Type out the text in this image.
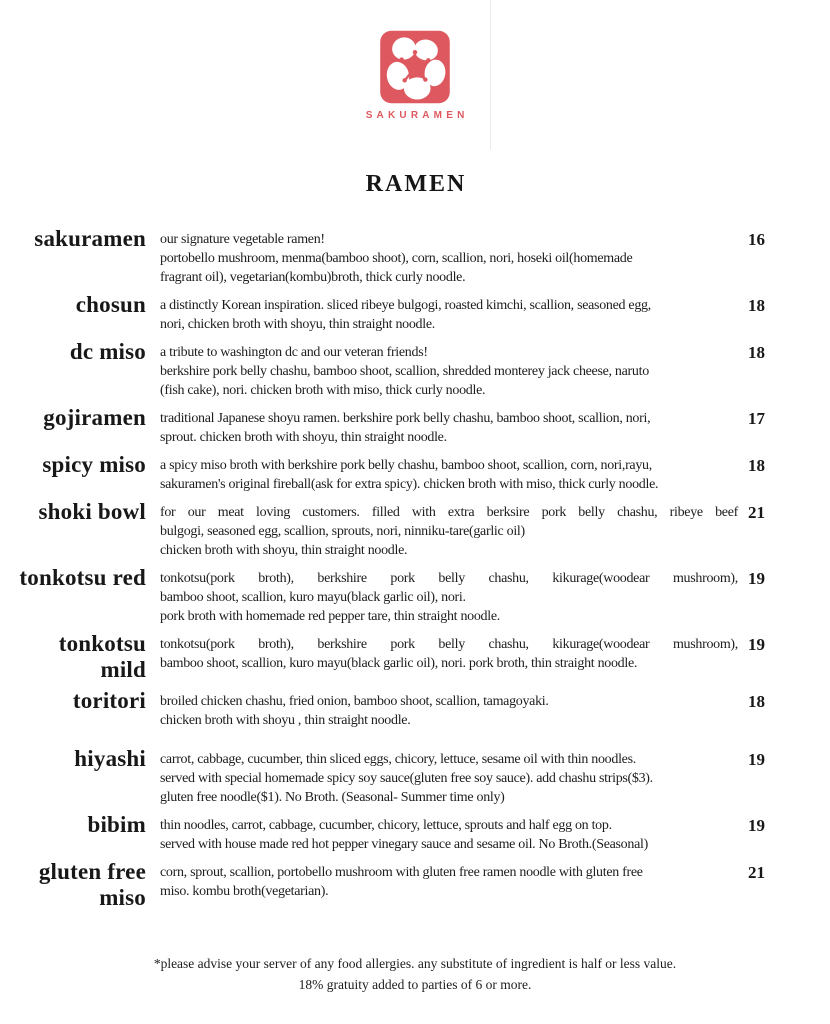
SAKURAMEN
RAMEN
sakuramen our signature vegetable ramen!
portobello mushroom, menma(bamboo shoot), corn, scallion, nori, hoseki oil(homemade
fragrant oil), vegetarian(kombu)broth, thick curly noodle.
16
chosun a distinctly Korean inspiration. sliced ribeye bulgogi, roasted kimchi, scallion, seasoned egg,
nori, chicken broth with shoyu, thin straight noodle.
18
dc miso a tribute to washington dc and our veteran friends!
berkshire pork belly chashu, bamboo shoot, scallion, shredded monterey jack cheese, naruto
(fish cake), nori. chicken broth with miso, thick curly noodle.
18
gojiramen traditional Japanese shoyu ramen. berkshire pork belly chashu, bamboo shoot, scallion, nori,
sprout. chicken broth with shoyu, thin straight noodle.
17
spicy miso a spicy miso broth with berkshire pork belly chashu, bamboo shoot, scallion, corn, nori,rayu,
sakuramen's original fireball(ask for extra spicy). chicken broth with miso, thick curly noodle.
18
shoki bowl for our meat loving customers. filled with extra berksire pork belly chashu, ribeye beef
bulgogi, seasoned egg, scallion, sprouts, nori, ninniku-tare(garlic oil)
chicken broth with shoyu, thin straight noodle.
21
tonkotsu red tonkotsu(pork broth), berkshire pork belly chashu, kikurage(woodear mushroom),
bamboo shoot, scallion, kuro mayu(black garlic oil), nori.
pork broth with homemade red pepper tare, thin straight noodle.
19
tonkotsu
mild
tonkotsu(pork broth), berkshire pork belly chashu, kikurage(woodear mushroom),
bamboo shoot, scallion, kuro mayu(black garlic oil), nori. pork broth, thin straight noodle.
19
toritori broiled chicken chashu, fried onion, bamboo shoot, scallion, tamagoyaki.
chicken broth with shoyu , thin straight noodle.
18
hiyashi carrot, cabbage, cucumber, thin sliced eggs, chicory, lettuce, sesame oil with thin noodles.
served with special homemade spicy soy sauce(gluten free soy sauce). add chashu strips($3).
gluten free noodle($1). No Broth. (Seasonal- Summer time only)
19
bibim thin noodles, carrot, cabbage, cucumber, chicory, lettuce, sprouts and half egg on top.
served with house made red hot pepper vinegary sauce and sesame oil. No Broth.(Seasonal)
19
gluten free
miso
corn, sprout, scallion, portobello mushroom with gluten free ramen noodle with gluten free
miso. kombu broth(vegetarian).
21
*please advise your server of any food allergies. any substitute of ingredient is half or less value.
18% gratuity added to parties of 6 or more.
